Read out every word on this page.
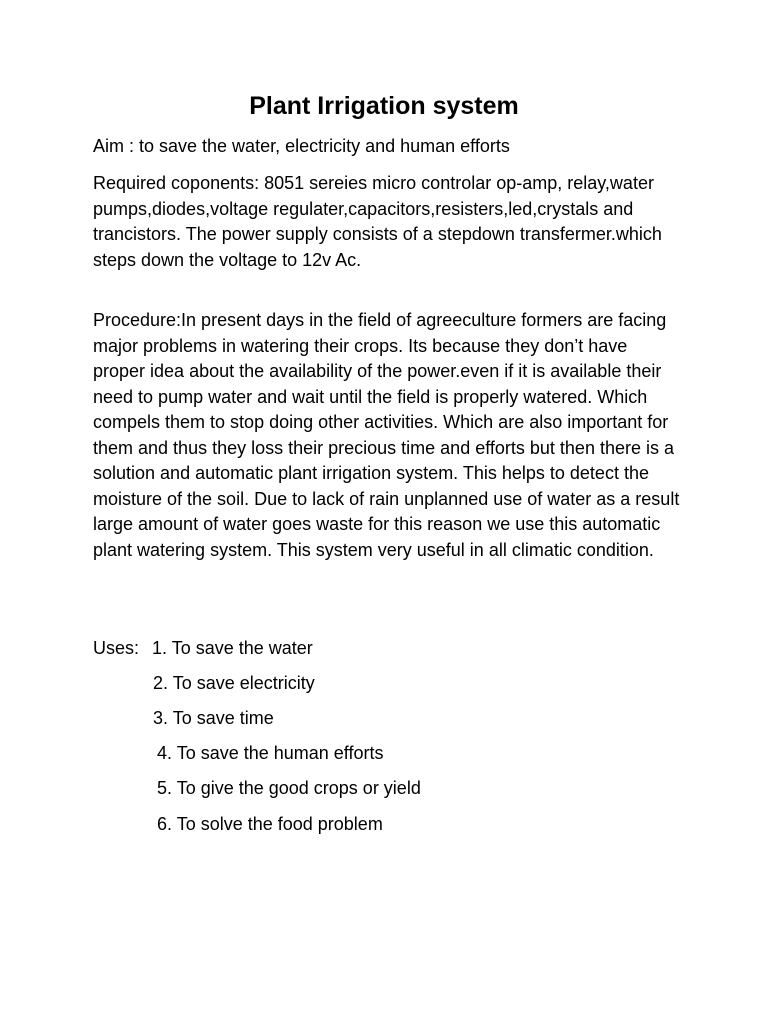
Plant Irrigation system

Aim : to save the water, electricity and human efforts

Required coponents: 8051 sereies micro controlar op-amp, relay,water pumps,diodes,voltage regulater,capacitors,resisters,led,crystals and trancistors. The power supply consists of a stepdown transfermer.which steps down the voltage to 12v Ac.

Procedure:In present days in the field of agreeculture formers are facing major problems in watering their crops. Its because they don’t have proper idea about the availability of the power.even if it is available their need to pump water and wait until the field is properly watered. Which compels them to stop doing other activities. Which are also important for them and thus they loss their precious time and efforts but then there is a solution and automatic plant irrigation system. This helps to detect the moisture of the soil. Due to lack of rain unplanned use of water as a result large amount of water goes waste for this reason we use this automatic plant watering system. This system very useful in all climatic condition.

Uses: 1. To save the water
2. To save electricity
3. To save time
4. To save the human efforts
5. To give the good crops or yield
6. To solve the food problem
